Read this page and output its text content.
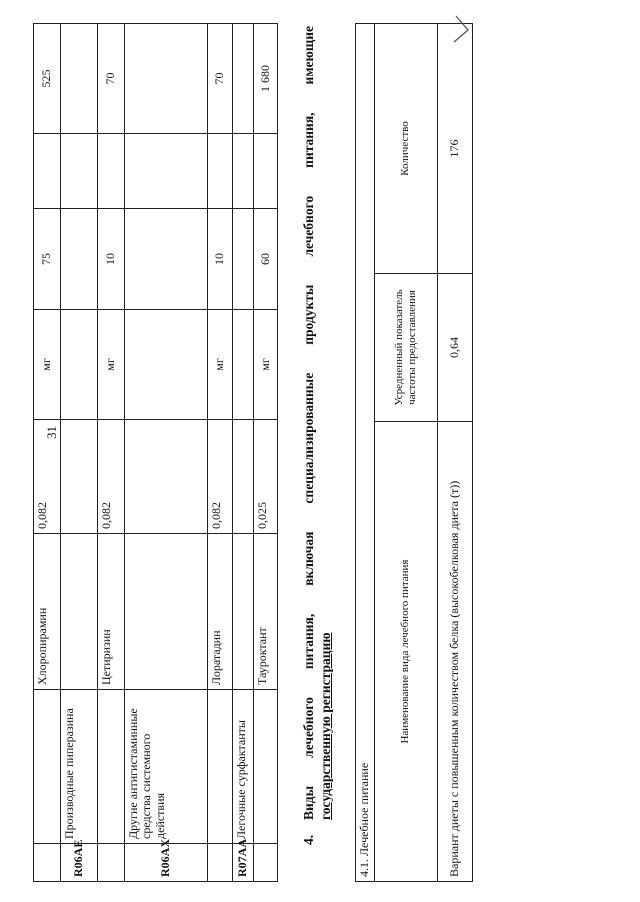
31
		Хлоропирамин	0,082	мг	75		525
R06AE	Производные пиперазина						
		Цетиризин	0,082	мг	10		70
R06AX	Другие антигистаминные средства системного действия						
		Лоратадин	0,082	мг	10		70
R07AA	Легочные сурфактанты						
		Тауроктант	0,025	мг	60		1 680
4.
Виды
лечебного
питания,
включая
специализированные
продукты
лечебного
питания,
имеющие
государственную регистрацию 4.1. Лечебное питание		
Наименование вида лечебного питания	Усредненный показатель частоты предоставления	Количество
Вариант диеты с повышенным количеством белка (высокобелковая диета (т))	0,64	176
